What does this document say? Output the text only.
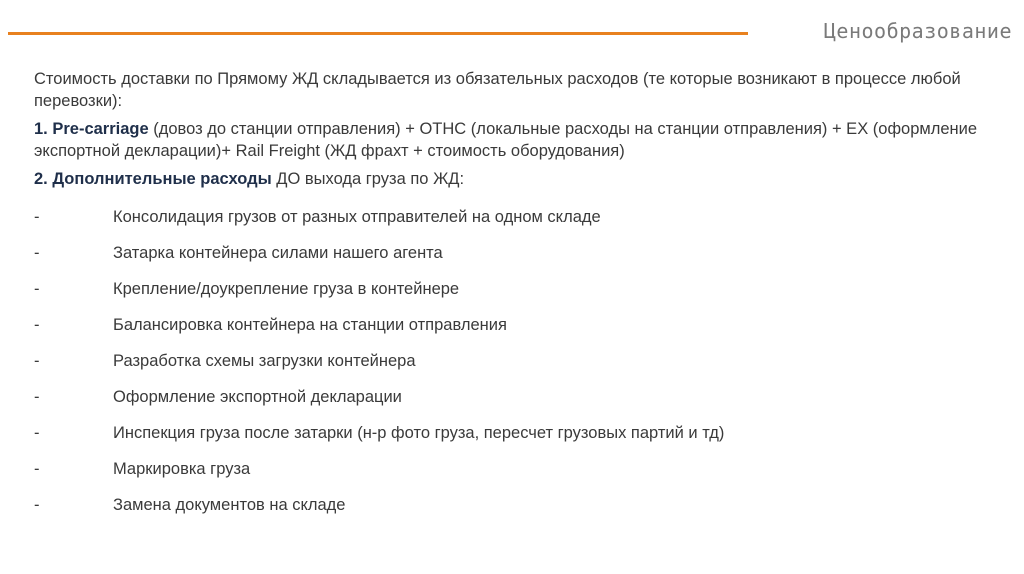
Ценообразование

Стоимость доставки по Прямому ЖД складывается из обязательных расходов (те которые возникают в процессе любой перевозки):

1. Pre-carriage (довоз до станции отправления) + OTHC (локальные расходы на станции отправления) + EX (оформление экспортной декларации)+ Rail Freight (ЖД фрахт + стоимость оборудования)

2. Дополнительные расходы ДО выхода груза по ЖД:

-	Консолидация грузов от разных отправителей на одном складе
-	Затарка контейнера силами нашего агента
-	Крепление/доукрепление груза в контейнере
-	Балансировка контейнера на станции отправления
-	Разработка схемы загрузки контейнера
-	Оформление экспортной декларации
-	Инспекция груза после затарки (н-р фото груза, пересчет грузовых партий и тд)
-	Маркировка груза
-	Замена документов на складе
